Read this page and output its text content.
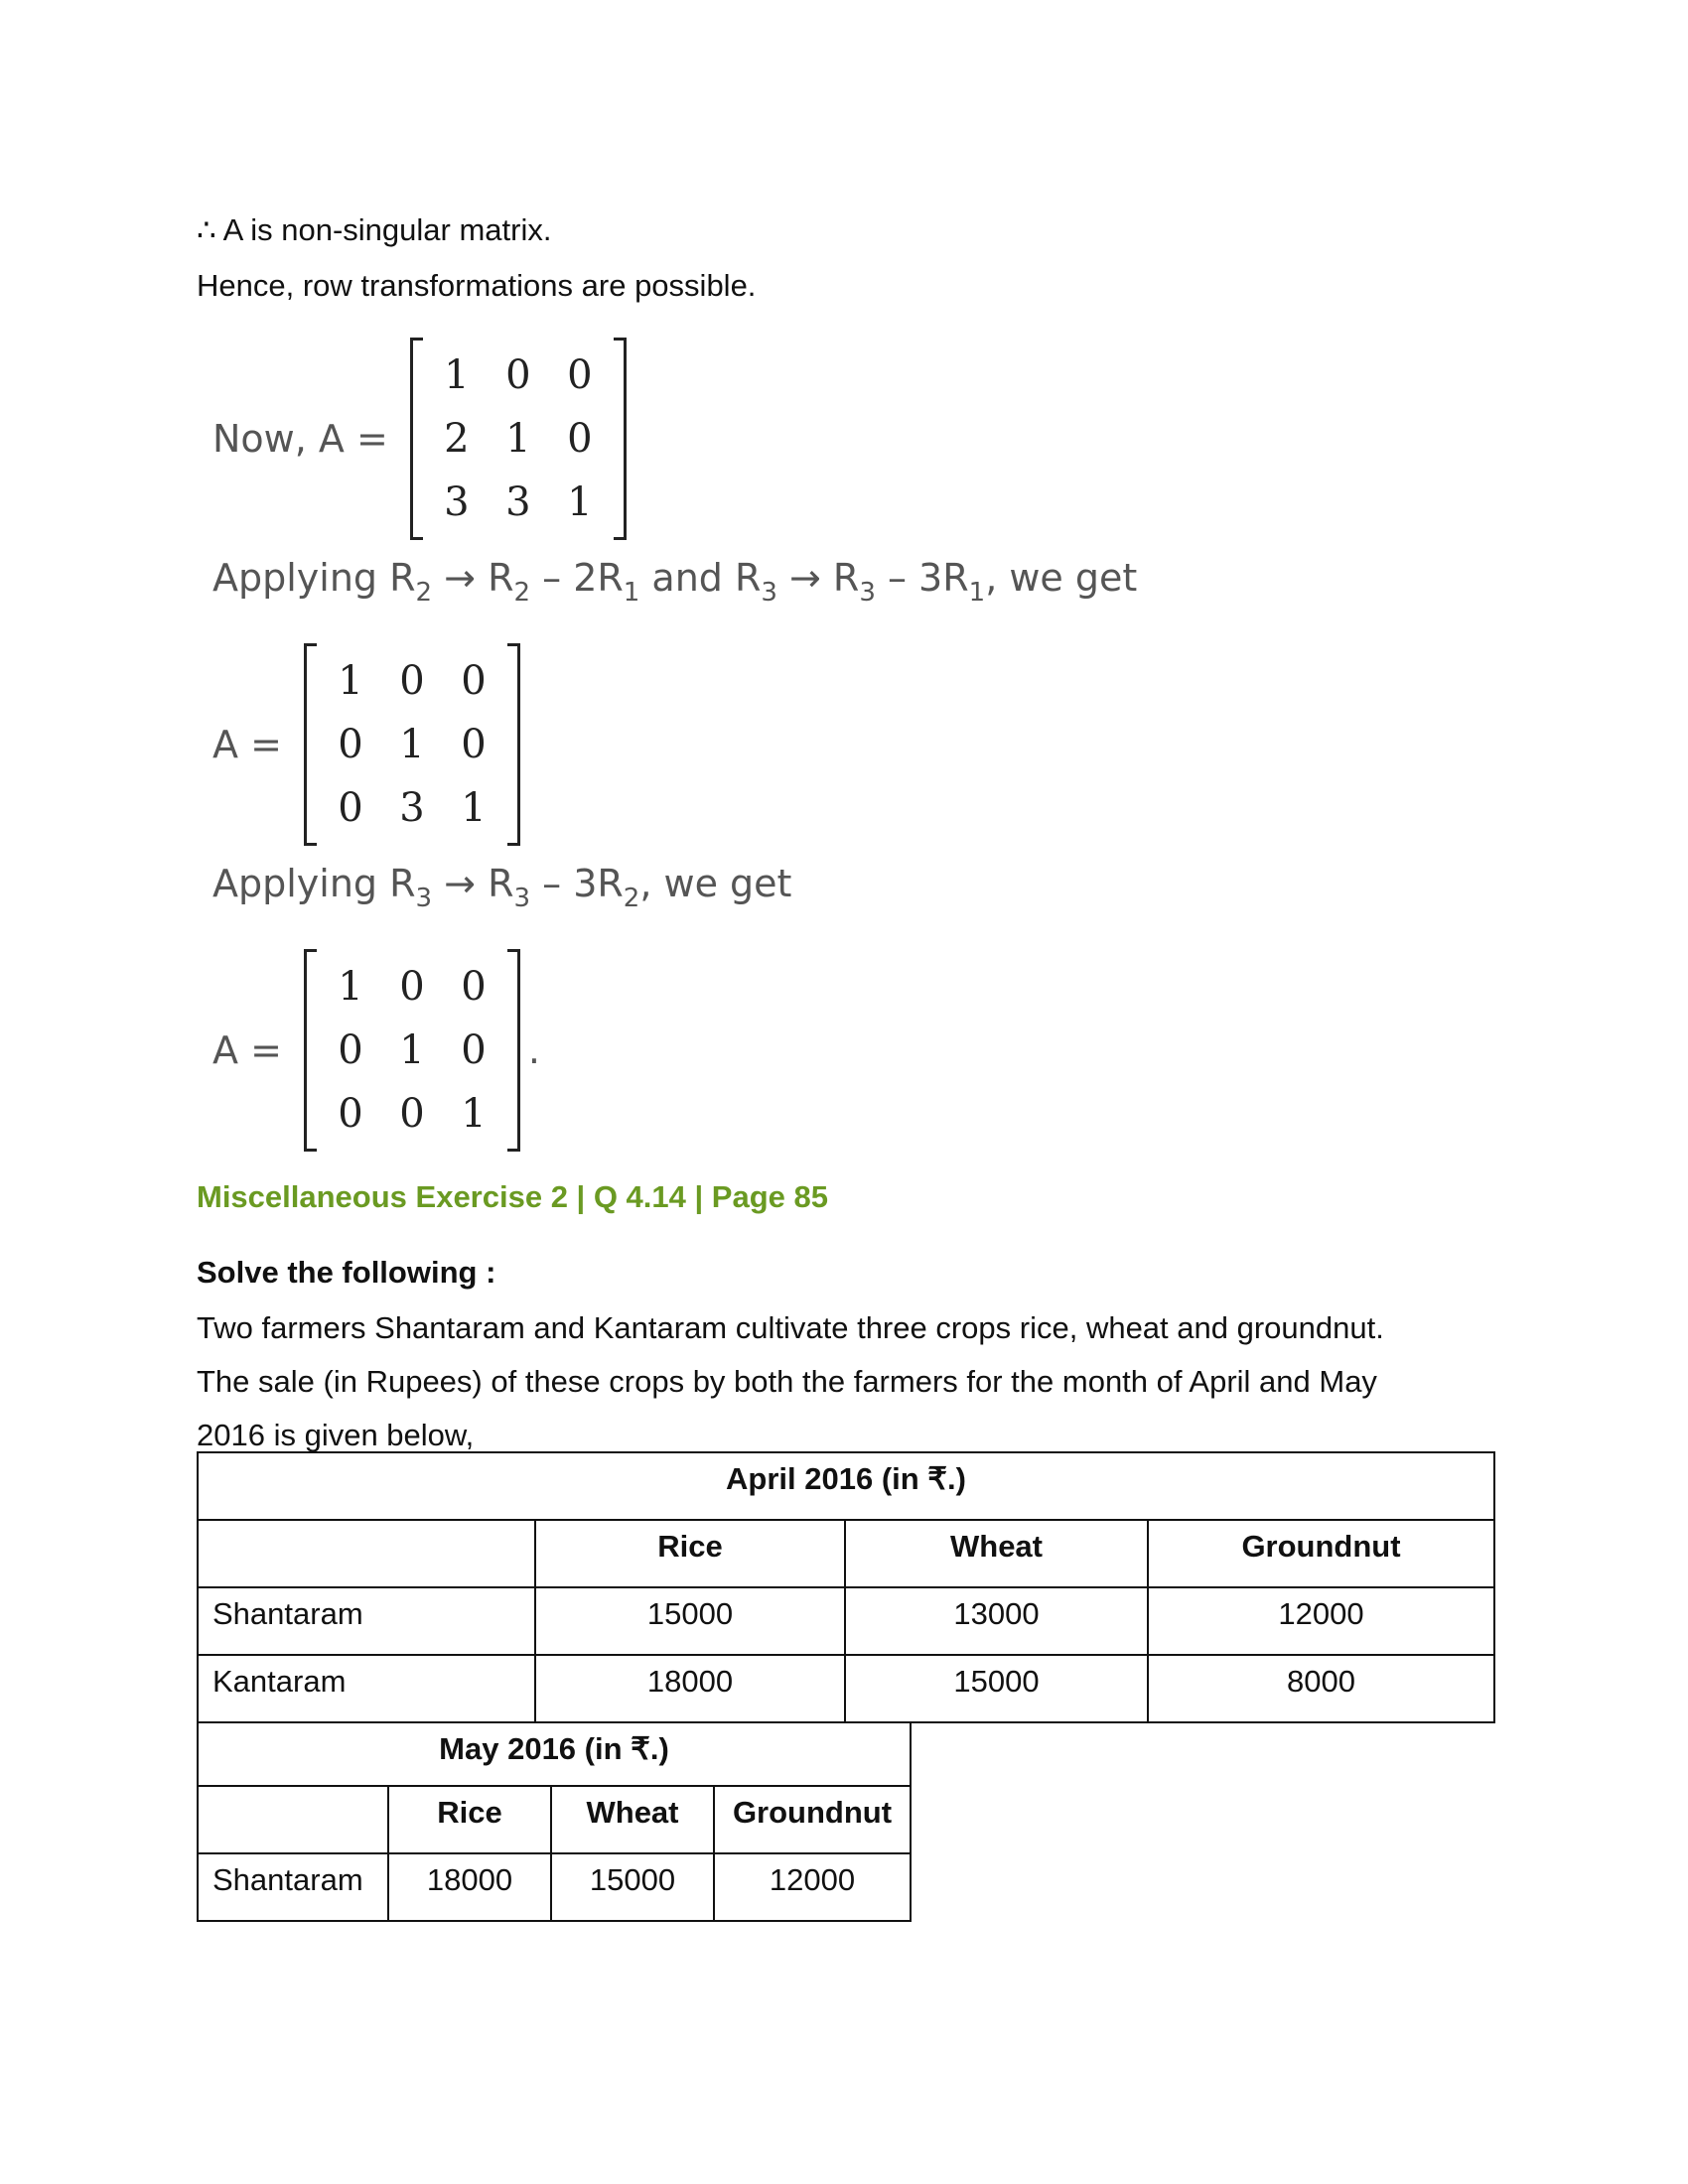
∴ A is non-singular matrix.
Hence, row transformations are possible.
Now, A =
1	0	0
2	1	0
3	3	1
Applying $R_2 \to R_2 - 2R_1$ and $R_3 \to R_3 - 3R_1$, we get
A =
1	0	0
0	1	0
0	3	1
Applying $R_3 \to R_3 - 3R_2$, we get
A =
1	0	0
0	1	0
0	0	1
.
Miscellaneous Exercise 2 | Q 4.14 | Page 85
Solve the following :
Two farmers Shantaram and Kantaram cultivate three crops rice, wheat and groundnut.
The sale (in Rupees) of these crops by both the farmers for the month of April and May
2016 is given below,
April 2016 (in ₹.)			
	Rice	Wheat	Groundnut
Shantaram	15000	13000	12000
Kantaram	18000	15000	8000
May 2016 (in ₹.)			
	Rice	Wheat	Groundnut
Shantaram	18000	15000	12000
